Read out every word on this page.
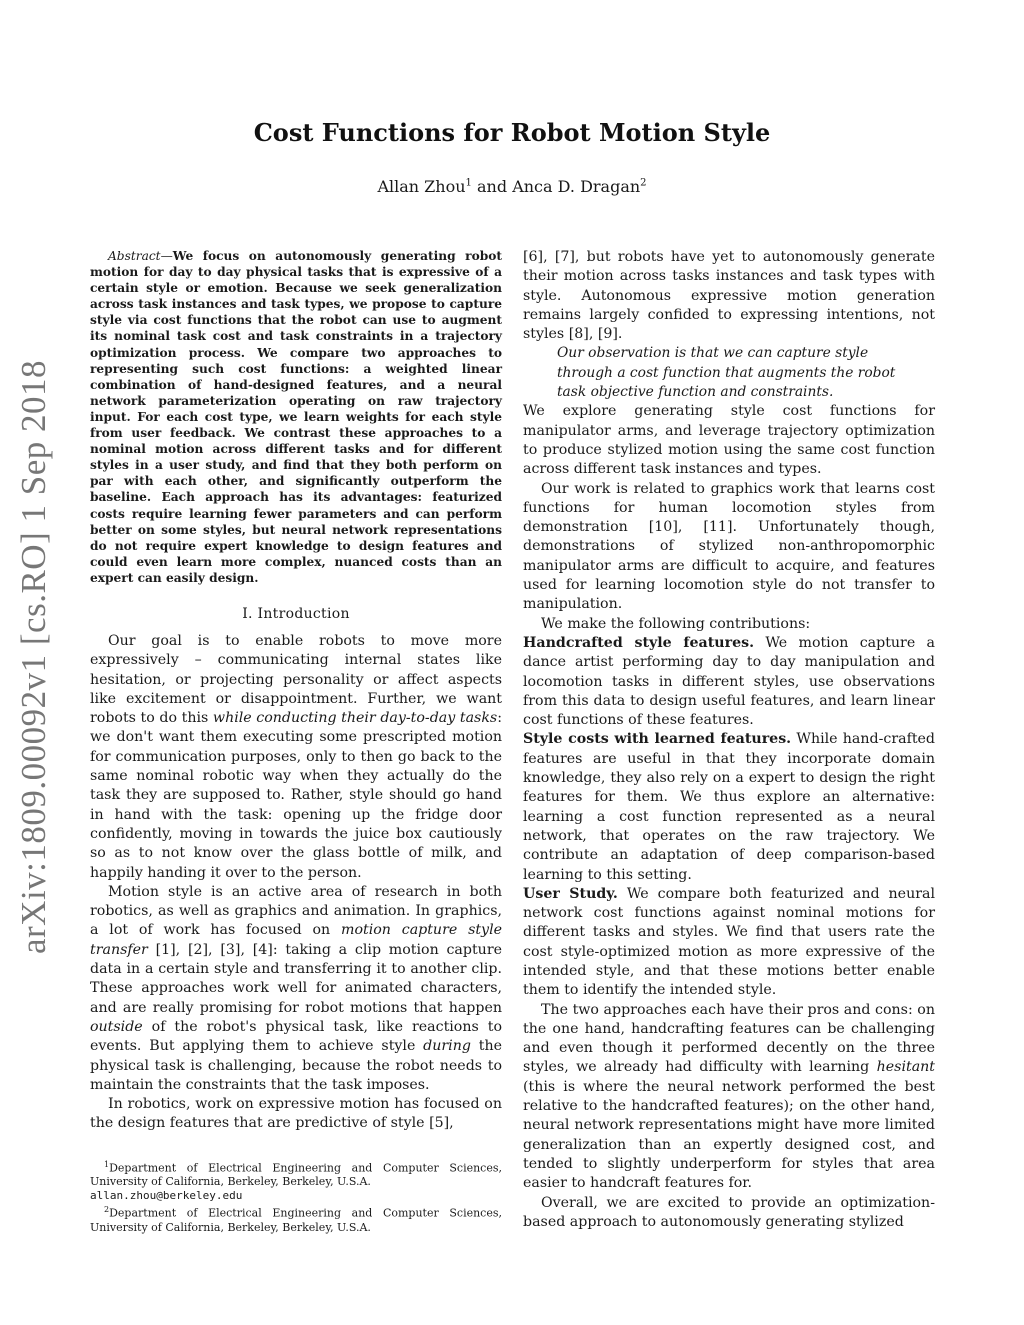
arXiv:1809.00092v1 [cs.RO] 1 Sep 2018
Cost Functions for Robot Motion Style
Allan Zhou$^1$ and Anca D. Dragan$^2$

Abstract—We focus on autonomously generating robot motion for day to day physical tasks that is expressive of a certain style or emotion. Because we seek generalization across task instances and task types, we propose to capture style via cost functions that the robot can use to augment its nominal task cost and task constraints in a trajectory optimization process. We compare two approaches to representing such cost functions: a weighted linear combination of hand-designed features, and a neural network parameterization operating on raw trajectory input. For each cost type, we learn weights for each style from user feedback. We contrast these approaches to a nominal motion across different tasks and for different styles in a user study, and find that they both perform on par with each other, and significantly outperform the baseline. Each approach has its advantages: featurized costs require learning fewer parameters and can perform better on some styles, but neural network representations do not require expert knowledge to design features and could even learn more complex, nuanced costs than an expert can easily design.

I. Introduction

Our goal is to enable robots to move more expressively – communicating internal states like hesitation, or projecting personality or affect aspects like excitement or disappointment. Further, we want robots to do this while conducting their day-to-day tasks: we don't want them executing some prescripted motion for communication purposes, only to then go back to the same nominal robotic way when they actually do the task they are supposed to. Rather, style should go hand in hand with the task: opening up the fridge door confidently, moving in towards the juice box cautiously so as to not know over the glass bottle of milk, and happily handing it over to the person.

Motion style is an active area of research in both robotics, as well as graphics and animation. In graphics, a lot of work has focused on motion capture style transfer [1], [2], [3], [4]: taking a clip motion capture data in a certain style and transferring it to another clip. These approaches work well for animated characters, and are really promising for robot motions that happen outside of the robot's physical task, like reactions to events. But applying them to achieve style during the physical task is challenging, because the robot needs to maintain the constraints that the task imposes.

In robotics, work on expressive motion has focused on the design features that are predictive of style [5],

$^1$Department of Electrical Engineering and Computer Sciences, University of California, Berkeley, Berkeley, U.S.A.
allan.zhou@berkeley.edu

$^2$Department of Electrical Engineering and Computer Sciences, University of California, Berkeley, Berkeley, U.S.A.

[6], [7], but robots have yet to autonomously generate their motion across tasks instances and task types with style. Autonomous expressive motion generation remains largely confided to expressing intentions, not styles [8], [9].

Our observation is that we can capture style through a cost function that augments the robot task objective function and constraints.

We explore generating style cost functions for manipulator arms, and leverage trajectory optimization to produce stylized motion using the same cost function across different task instances and types.

Our work is related to graphics work that learns cost functions for human locomotion styles from demonstration [10], [11]. Unfortunately though, demonstrations of stylized non-anthropomorphic manipulator arms are difficult to acquire, and features used for learning locomotion style do not transfer to manipulation.

We make the following contributions:

Handcrafted style features. We motion capture a dance artist performing day to day manipulation and locomotion tasks in different styles, use observations from this data to design useful features, and learn linear cost functions of these features.

Style costs with learned features. While hand-crafted features are useful in that they incorporate domain knowledge, they also rely on a expert to design the right features for them. We thus explore an alternative: learning a cost function represented as a neural network, that operates on the raw trajectory. We contribute an adaptation of deep comparison-based learning to this setting.

User Study. We compare both featurized and neural network cost functions against nominal motions for different tasks and styles. We find that users rate the cost style-optimized motion as more expressive of the intended style, and that these motions better enable them to identify the intended style.

The two approaches each have their pros and cons: on the one hand, handcrafting features can be challenging and even though it performed decently on the three styles, we already had difficulty with learning hesitant (this is where the neural network performed the best relative to the handcrafted features); on the other hand, neural network representations might have more limited generalization than an expertly designed cost, and tended to slightly underperform for styles that area easier to handcraft features for.

Overall, we are excited to provide an optimization-based approach to autonomously generating stylized
